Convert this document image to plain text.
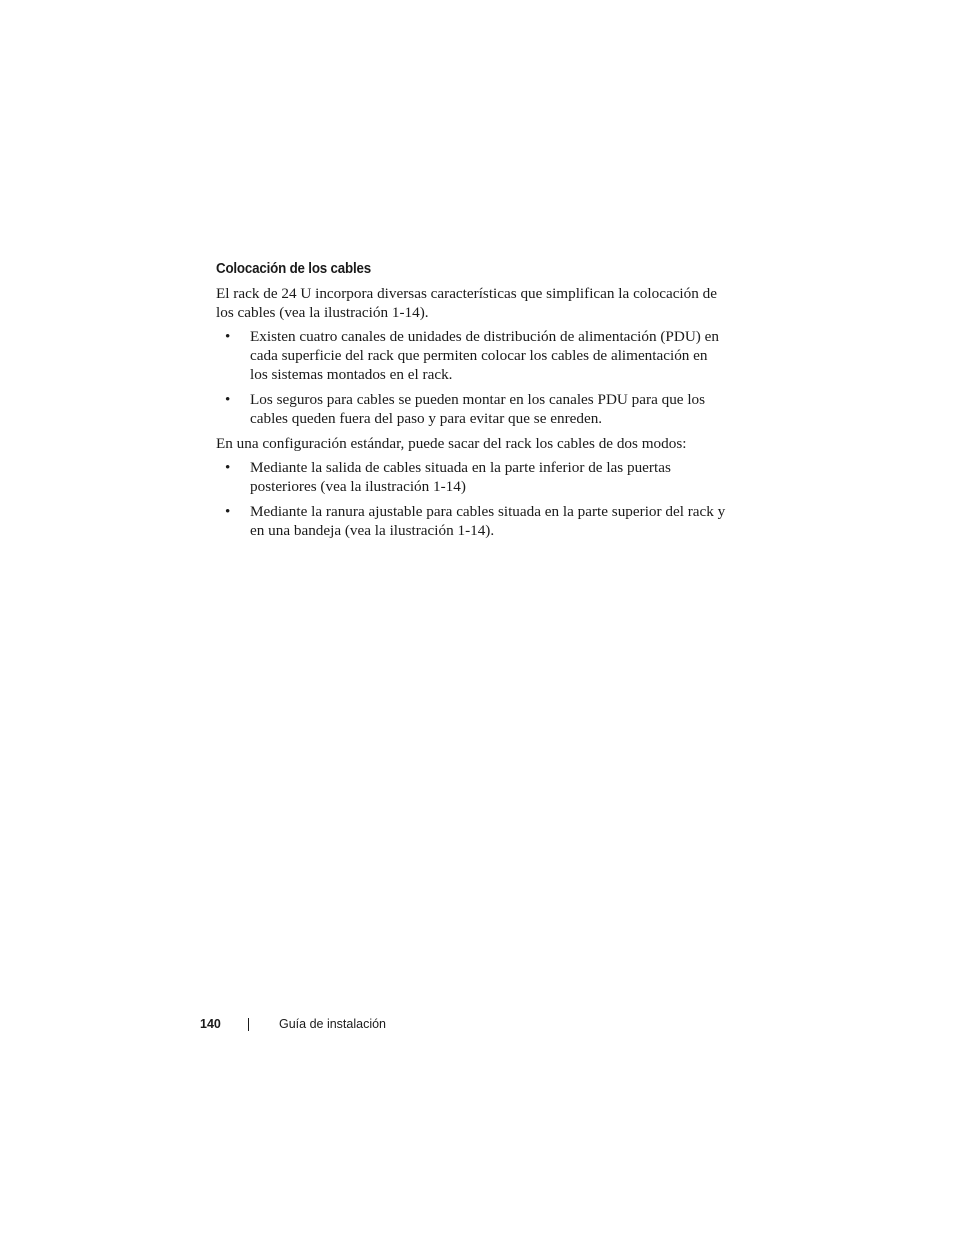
Colocación de los cables

El rack de 24 U incorpora diversas características que simplifican la colocación de los cables (vea la ilustración 1-14).

• Existen cuatro canales de unidades de distribución de alimentación (PDU) en cada superficie del rack que permiten colocar los cables de alimentación en los sistemas montados en el rack.
• Los seguros para cables se pueden montar en los canales PDU para que los cables queden fuera del paso y para evitar que se enreden.

En una configuración estándar, puede sacar del rack los cables de dos modos:

• Mediante la salida de cables situada en la parte inferior de las puertas posteriores (vea la ilustración 1-14)
• Mediante la ranura ajustable para cables situada en la parte superior del rack y en una bandeja (vea la ilustración 1-14).
140	Guía de instalación
